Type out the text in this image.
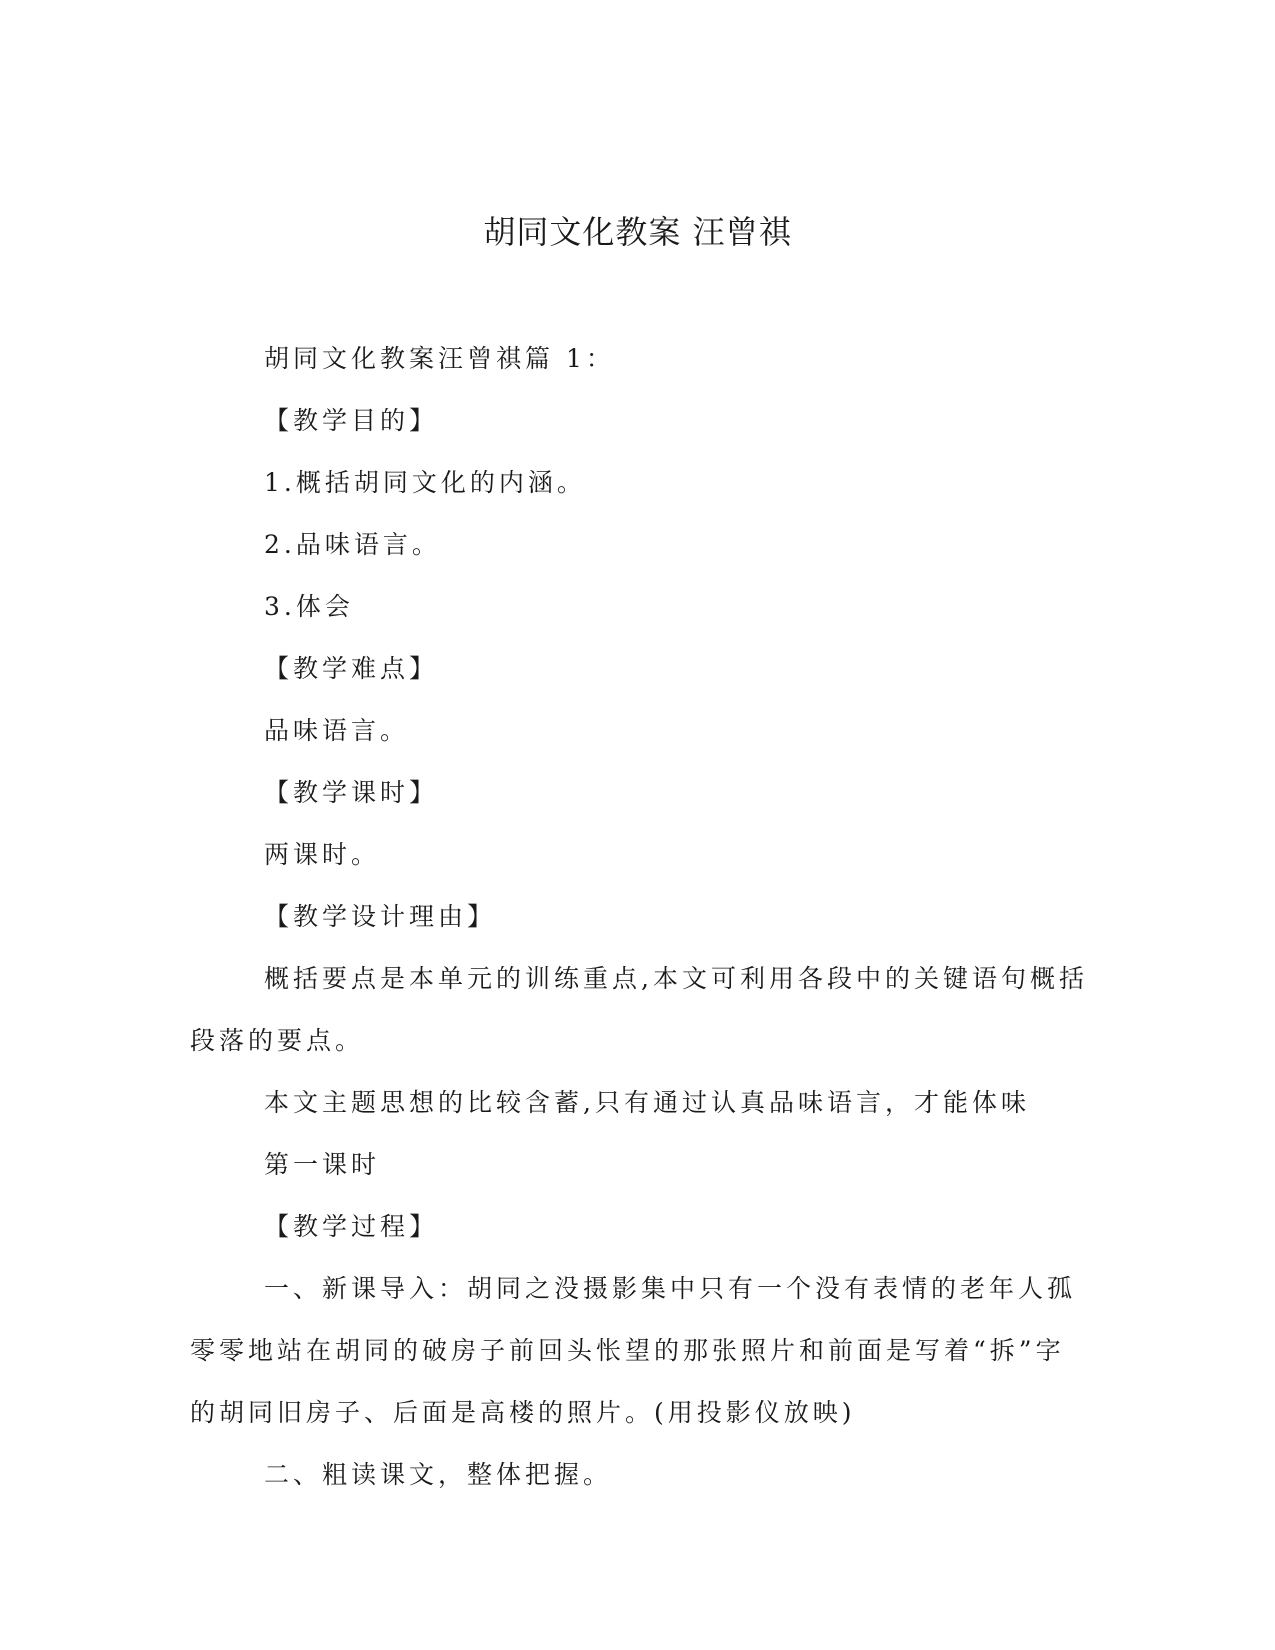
胡同文化教案 汪曾祺

胡同文化教案汪曾祺篇 1：

【教学目的】

1.概括胡同文化的内涵。

2.品味语言。

3.体会

【教学难点】

品味语言。

【教学课时】

两课时。

【教学设计理由】

概括要点是本单元的训练重点,本文可利用各段中的关键语句概括段落的要点。

本文主题思想的比较含蓄,只有通过认真品味语言，才能体味

第一课时

【教学过程】

一、新课导入：胡同之没摄影集中只有一个没有表情的老年人孤零零地站在胡同的破房子前回头怅望的那张照片和前面是写着“拆”字的胡同旧房子、后面是高楼的照片。(用投影仪放映)

二、粗读课文，整体把握。
